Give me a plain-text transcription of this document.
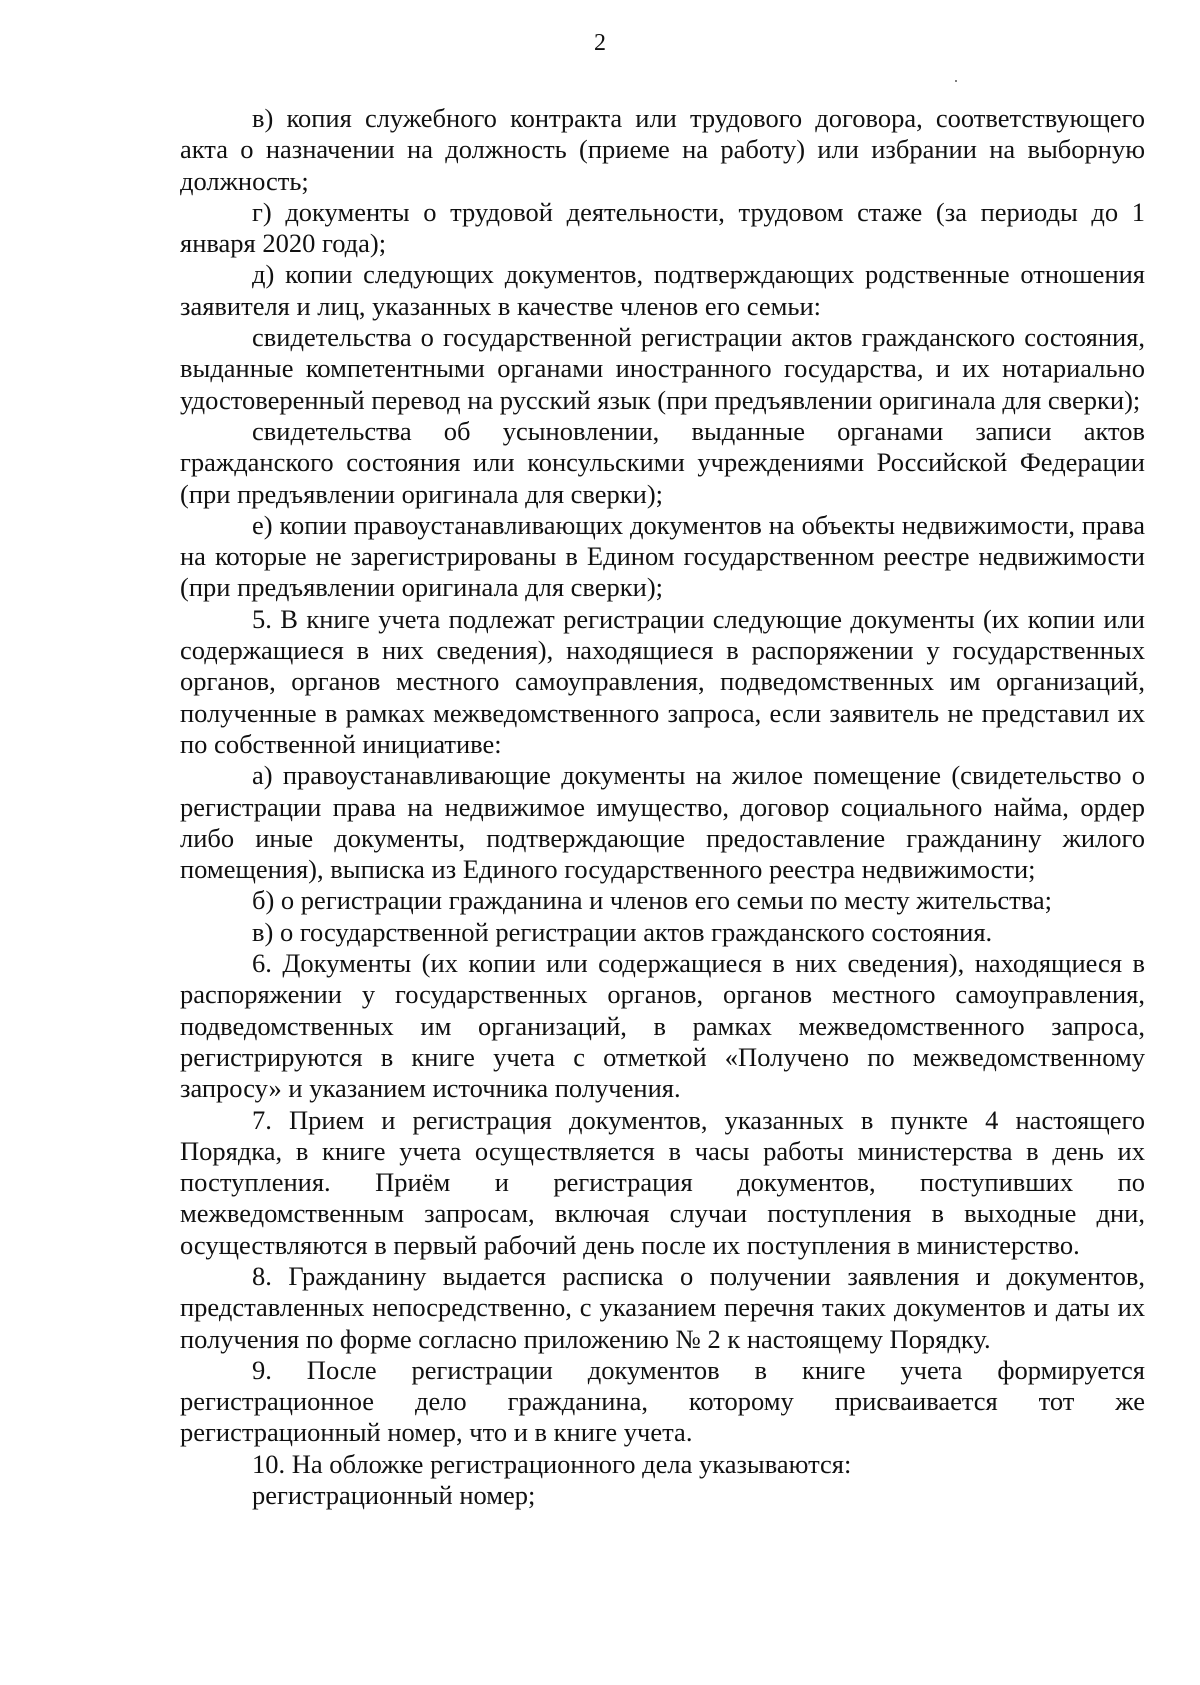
2

в) копия служебного контракта или трудового договора, соответствующего акта о назначении на должность (приеме на работу) или избрании на выборную должность;

г) документы о трудовой деятельности, трудовом стаже (за периоды до 1 января 2020 года);

д) копии следующих документов, подтверждающих родственные отношения заявителя и лиц, указанных в качестве членов его семьи:

свидетельства о государственной регистрации актов гражданского состояния, выданные компетентными органами иностранного государства, и их нотариально удостоверенный перевод на русский язык (при предъявлении оригинала для сверки);

свидетельства об усыновлении, выданные органами записи актов гражданского состояния или консульскими учреждениями Российской Федерации (при предъявлении оригинала для сверки);

е) копии правоустанавливающих документов на объекты недвижимости, права на которые не зарегистрированы в Едином государственном реестре недвижимости (при предъявлении оригинала для сверки);

5. В книге учета подлежат регистрации следующие документы (их копии или содержащиеся в них сведения), находящиеся в распоряжении у государственных органов, органов местного самоуправления, подведомственных им организаций, полученные в рамках межведомственного запроса, если заявитель не представил их по собственной инициативе:

а) правоустанавливающие документы на жилое помещение (свидетельство о регистрации права на недвижимое имущество, договор социального найма, ордер либо иные документы, подтверждающие предоставление гражданину жилого помещения), выписка из Единого государственного реестра недвижимости;

б) о регистрации гражданина и членов его семьи по месту жительства;

в) о государственной регистрации актов гражданского состояния.

6. Документы (их копии или содержащиеся в них сведения), находящиеся в распоряжении у государственных органов, органов местного самоуправления, подведомственных им организаций, в рамках межведомственного запроса, регистрируются в книге учета с отметкой «Получено по межведомственному запросу» и указанием источника получения.

7. Прием и регистрация документов, указанных в пункте 4 настоящего Порядка, в книге учета осуществляется в часы работы министерства в день их поступления. Приём и регистрация документов, поступивших по межведомственным запросам, включая случаи поступления в выходные дни, осуществляются в первый рабочий день после их поступления в министерство.

8. Гражданину выдается расписка о получении заявления и документов, представленных непосредственно, с указанием перечня таких документов и даты их получения по форме согласно приложению № 2 к настоящему Порядку.

9. После регистрации документов в книге учета формируется регистрационное дело гражданина, которому присваивается тот же регистрационный номер, что и в книге учета.

10. На обложке регистрационного дела указываются:

регистрационный номер;
